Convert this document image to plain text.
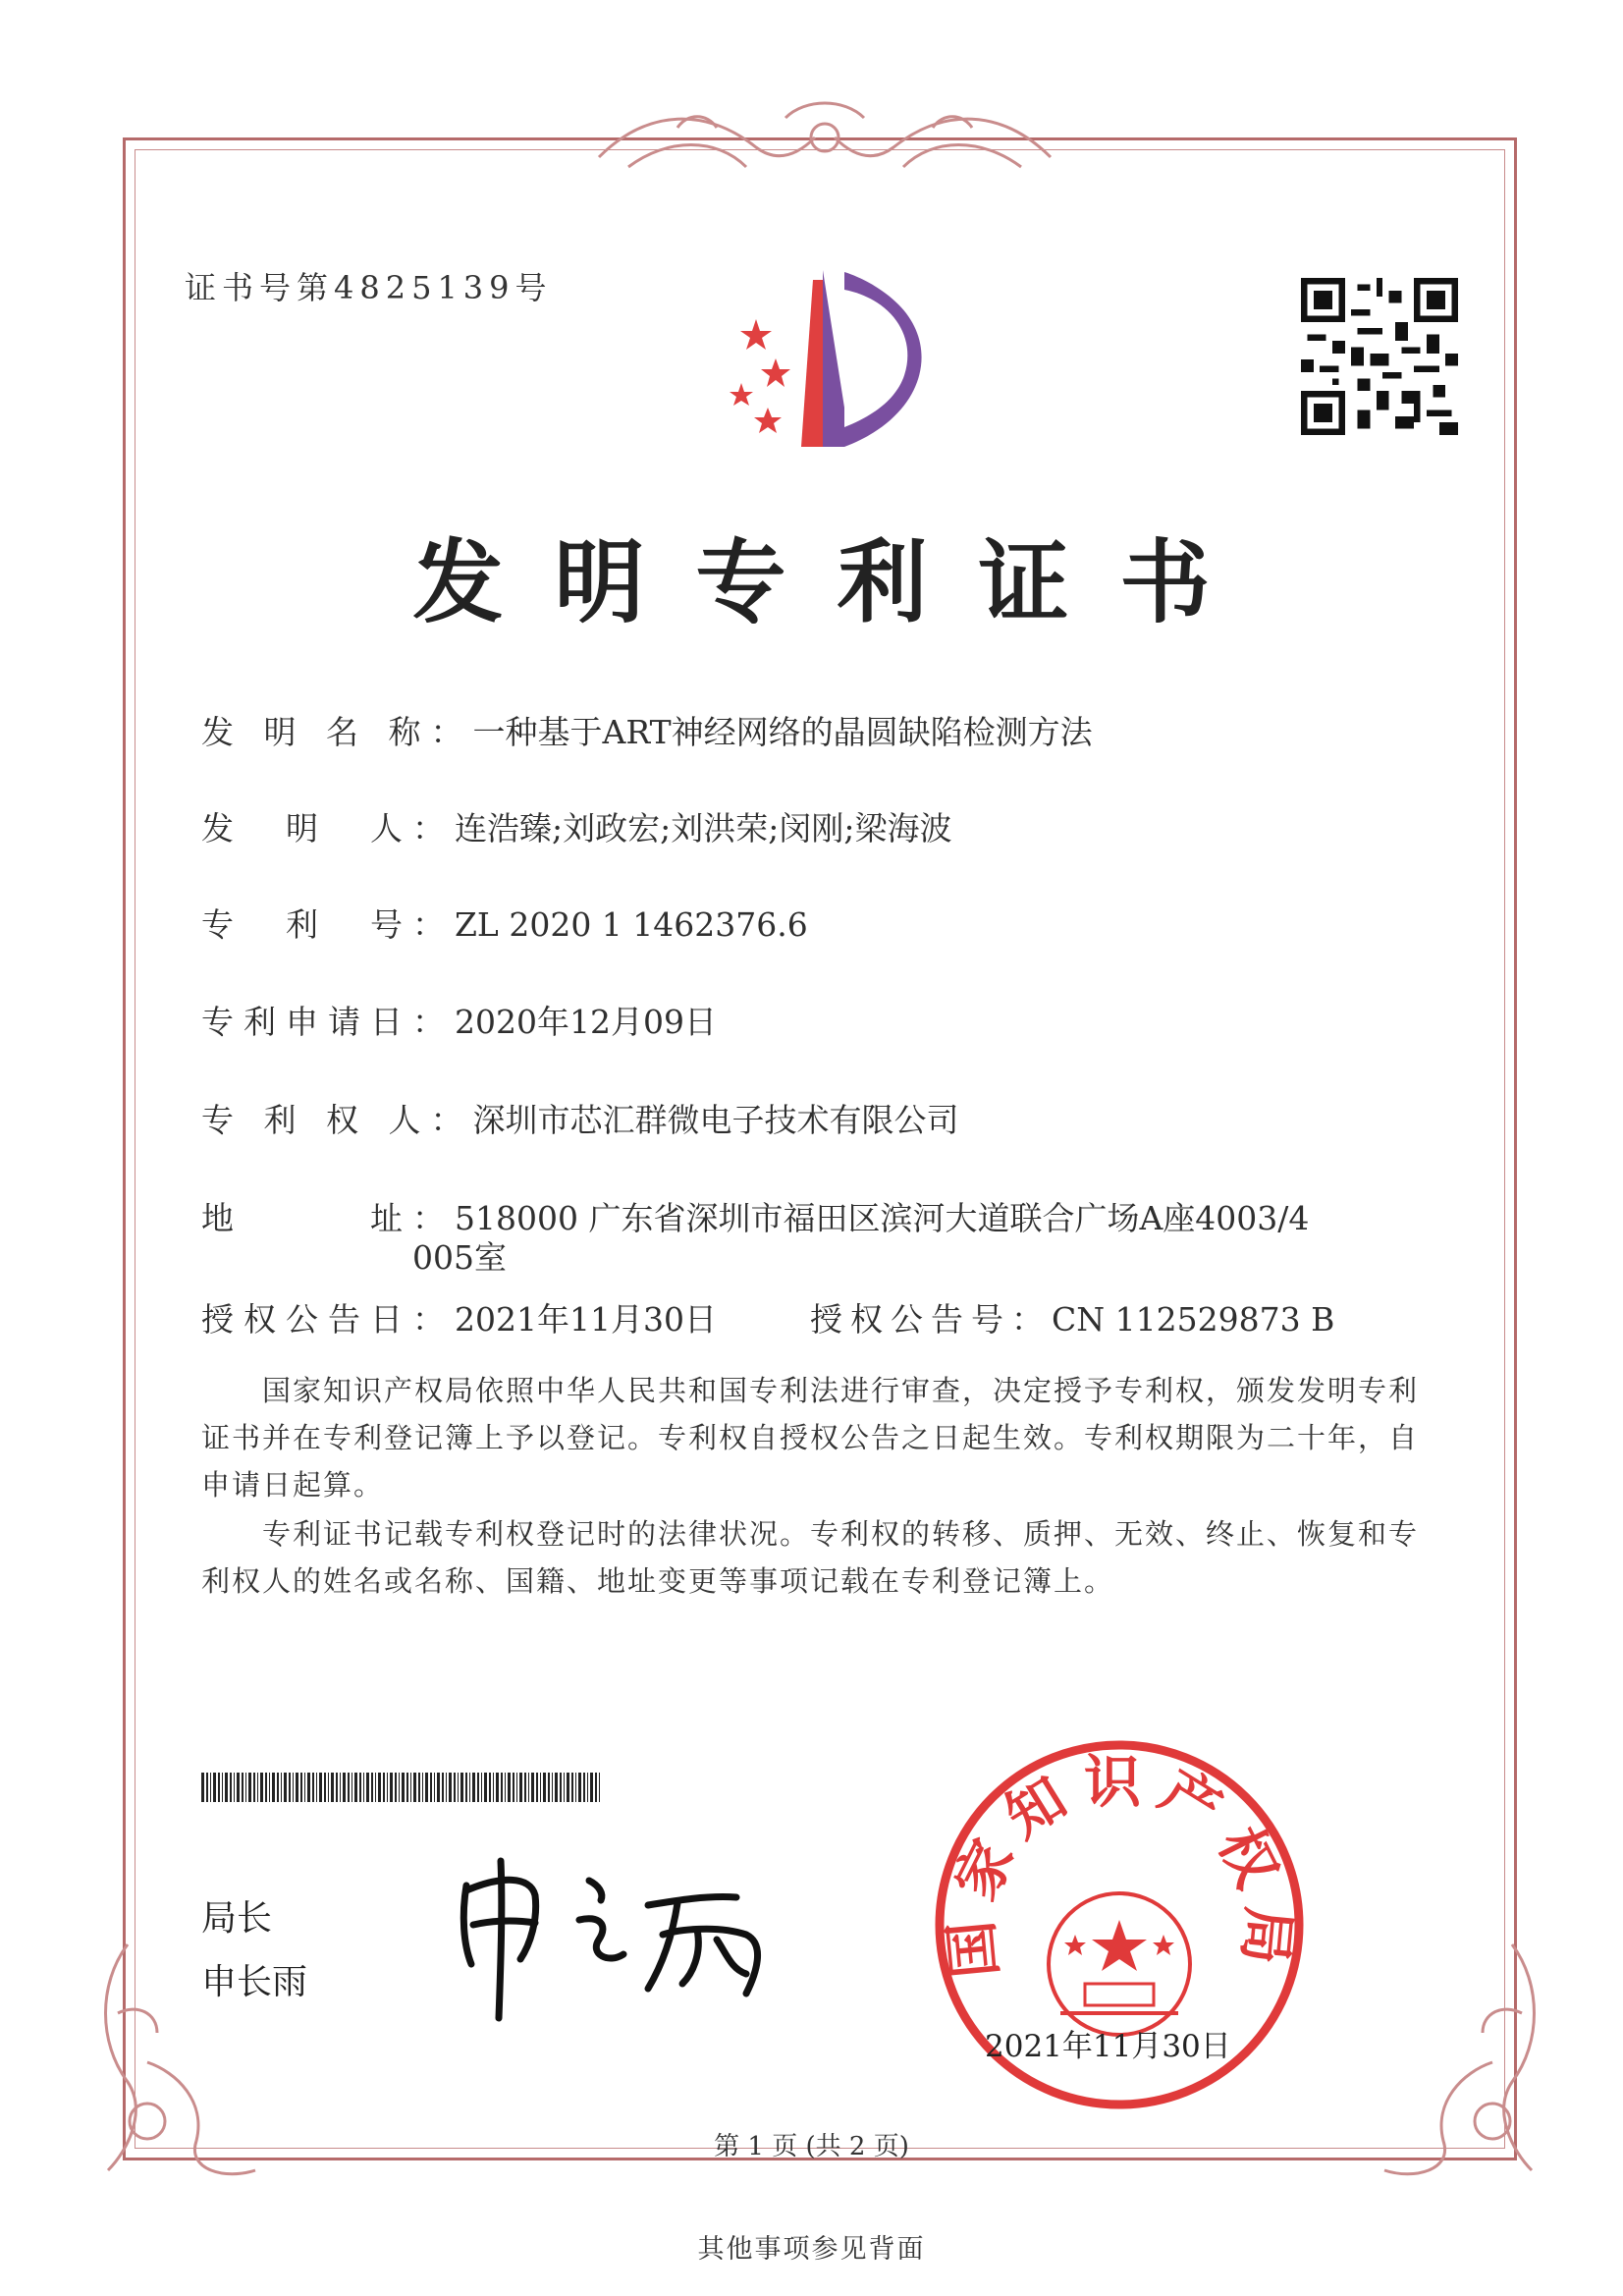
证书号第4825139号
发明专利证书
发 明 名 称：一种基于ART神经网络的晶圆缺陷检测方法
发　明　人：连浩臻;刘政宏;刘洪荣;闵刚;梁海波
专　利　号：ZL 2020 1 1462376.6
专利申请日：2020年12月09日
专 利 权 人：深圳市芯汇群微电子技术有限公司
地　　　址：518000 广东省深圳市福田区滨河大道联合广场A座4003/4
005室
授权公告日：2021年11月30日	授权公告号：CN 112529873 B
　　国家知识产权局依照中华人民共和国专利法进行审查，决定授予专利权，颁发发明专利证书并在专利登记簿上予以登记。专利权自授权公告之日起生效。专利权期限为二十年，自申请日起算。
　　专利证书记载专利权登记时的法律状况。专利权的转移、质押、无效、终止、恢复和专利权人的姓名或名称、国籍、地址变更等事项记载在专利登记簿上。
局长
申长雨
国家知识产权局
2021年11月30日
第 1 页 (共 2 页)
其他事项参见背面
